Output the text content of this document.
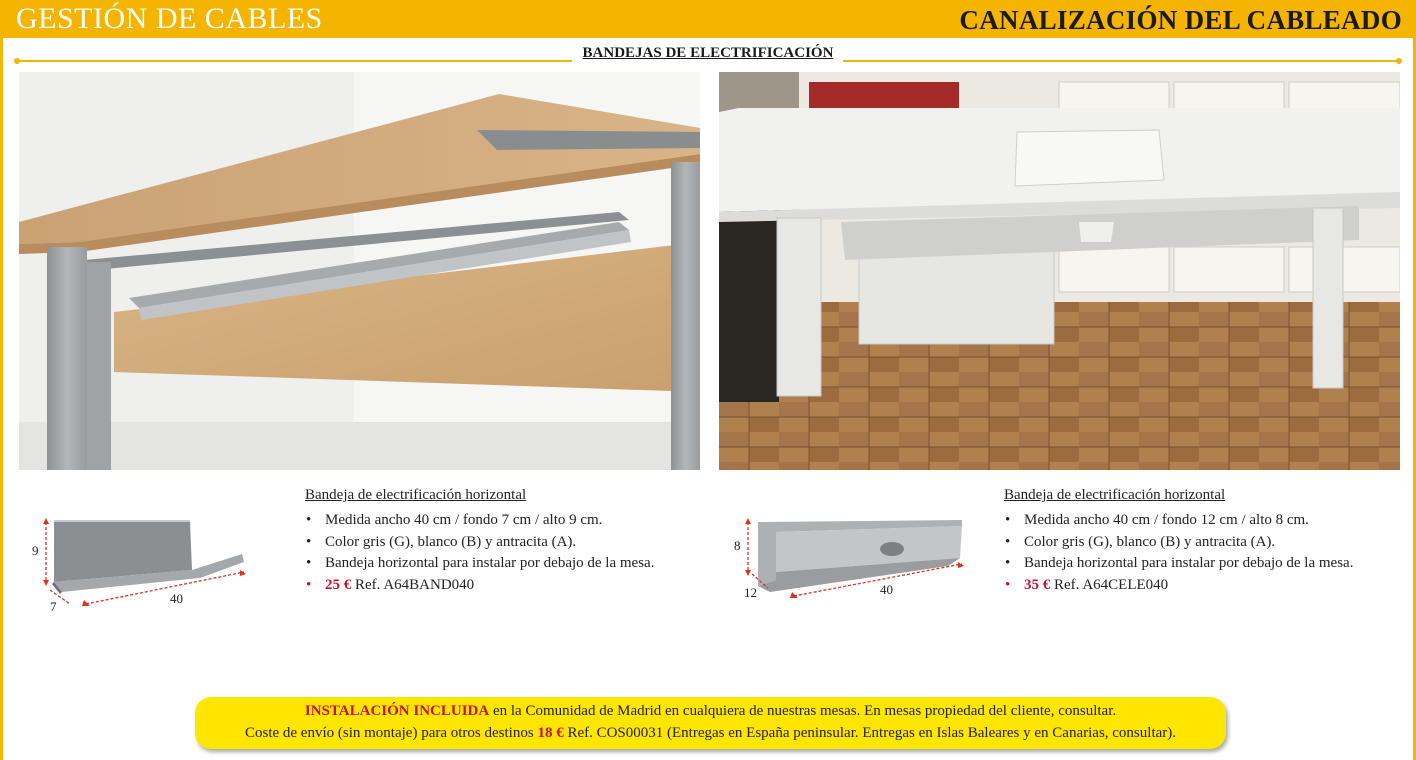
GESTIÓN DE CABLES	CANALIZACIÓN DEL CABLEADO
BANDEJAS DE ELECTRIFICACIÓN
9
7
40
Bandeja de electrificación horizontal
• Medida ancho 40 cm / fondo 7 cm / alto 9 cm.
• Color gris (G), blanco (B) y antracita (A).
• Bandeja horizontal para instalar por debajo de la mesa.
• 25 € Ref. A64BAND040
8
12	40
Bandeja de electrificación horizontal
• Medida ancho 40 cm / fondo 12 cm / alto 8 cm.
• Color gris (G), blanco (B) y antracita (A).
• Bandeja horizontal para instalar por debajo de la mesa.
• 35 € Ref. A64CELE040
INSTALACIÓN INCLUIDA en la Comunidad de Madrid en cualquiera de nuestras mesas. En mesas propiedad del cliente, consultar.
Coste de envío (sin montaje) para otros destinos 18 € Ref. COS00031 (Entregas en España peninsular. Entregas en Islas Baleares y en Canarias, consultar).
